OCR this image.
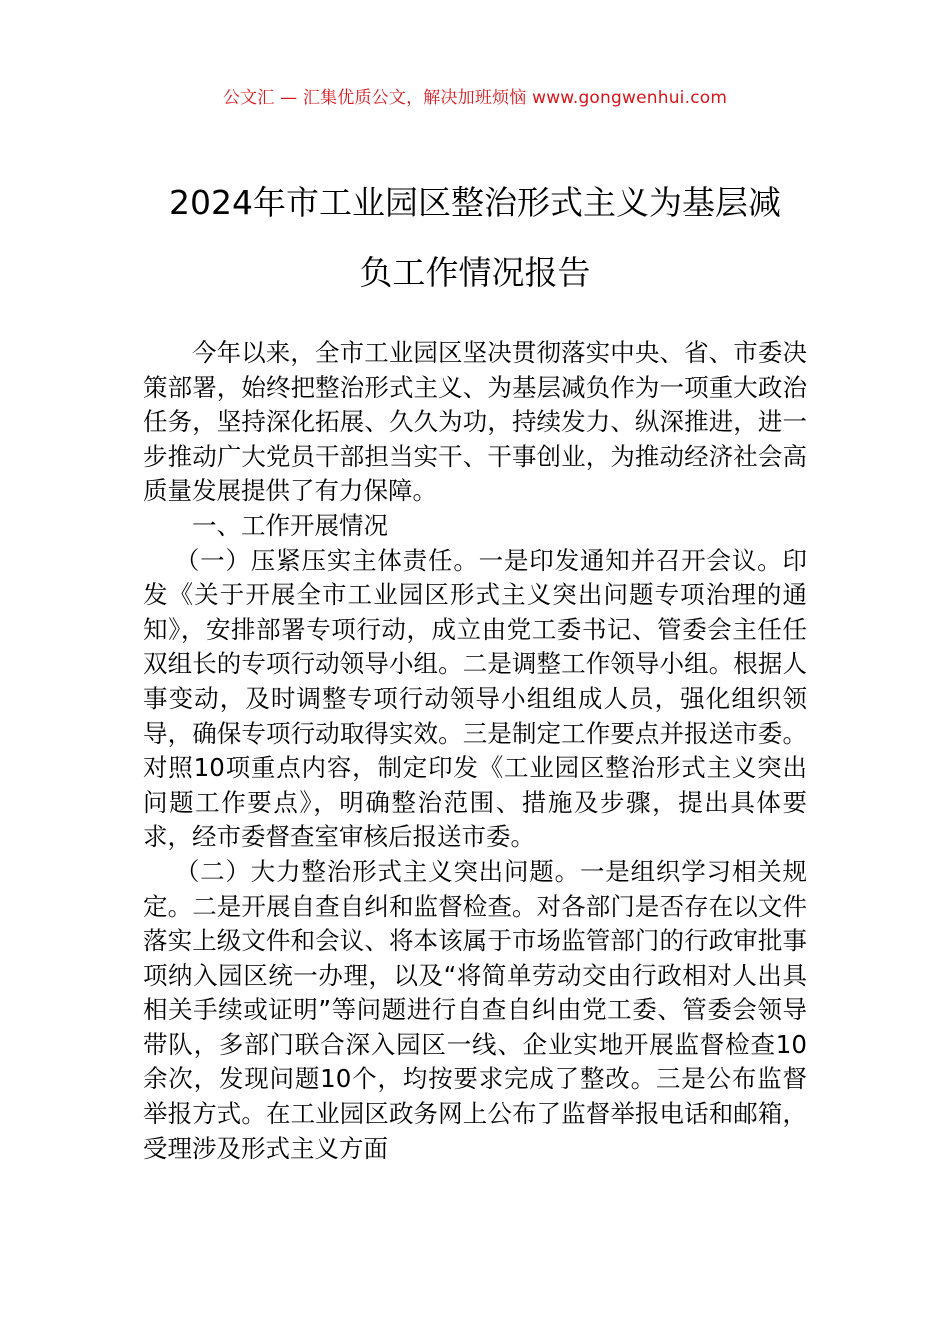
公文汇 — 汇集优质公文，解决加班烦恼 www.gongwenhui.com
2024年市工业园区整治形式主义为基层减
负工作情况报告

今年以来，全市工业园区坚决贯彻落实中央、省、市委决策部署，始终把整治形式主义、为基层减负作为一项重大政治任务，坚持深化拓展、久久为功，持续发力、纵深推进，进一步推动广大党员干部担当实干、干事创业，为推动经济社会高质量发展提供了有力保障。

一、工作开展情况

（一）压紧压实主体责任。一是印发通知并召开会议。印发《关于开展全市工业园区形式主义突出问题专项治理的通知》，安排部署专项行动，成立由党工委书记、管委会主任任双组长的专项行动领导小组。二是调整工作领导小组。根据人事变动，及时调整专项行动领导小组组成人员，强化组织领导，确保专项行动取得实效。三是制定工作要点并报送市委。对照10项重点内容，制定印发《工业园区整治形式主义突出问题工作要点》，明确整治范围、措施及步骤，提出具体要求，经市委督查室审核后报送市委。

（二）大力整治形式主义突出问题。一是组织学习相关规定。二是开展自查自纠和监督检查。对各部门是否存在以文件落实上级文件和会议、将本该属于市场监管部门的行政审批事项纳入园区统一办理，以及“将简单劳动交由行政相对人出具相关手续或证明”等问题进行自查自纠由党工委、管委会领导带队，多部门联合深入园区一线、企业实地开展监督检查10余次，发现问题10个，均按要求完成了整改。三是公布监督举报方式。在工业园区政务网上公布了监督举报电话和邮箱，受理涉及形式主义方面
